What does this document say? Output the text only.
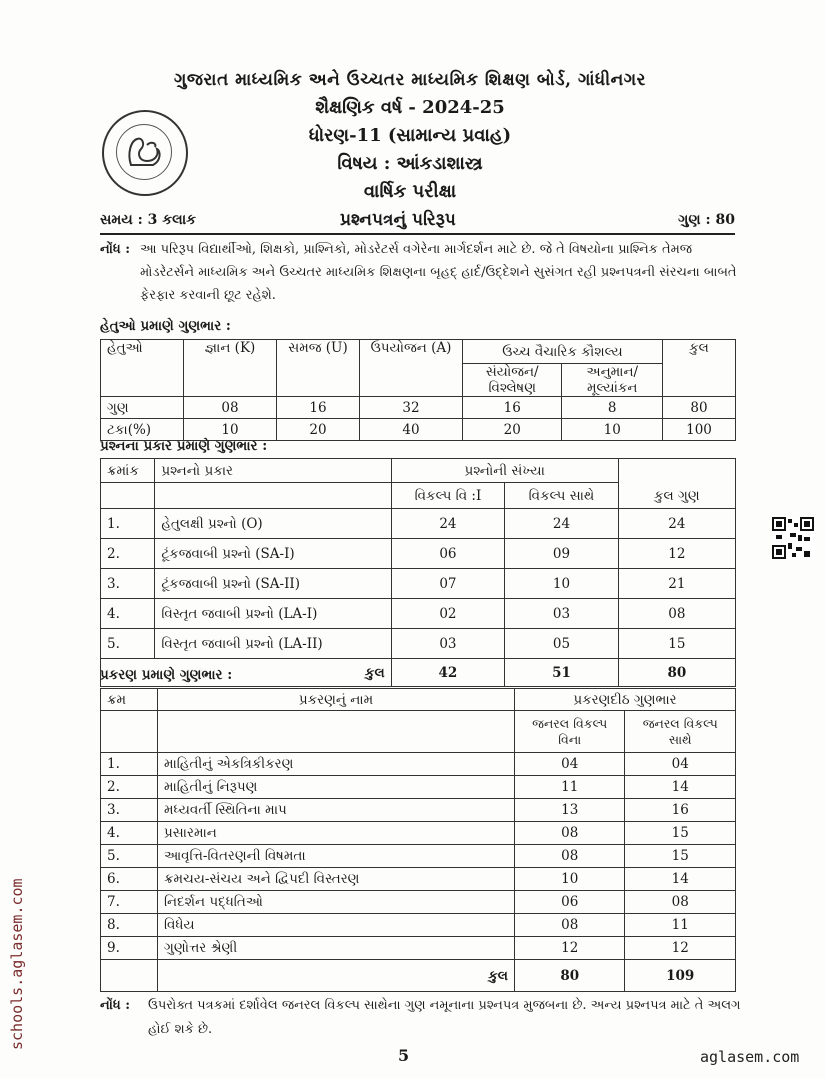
ગુજરાત માધ્યમિક અને ઉચ્ચતર માધ્યમિક શિક્ષણ બોર્ડ, ગાંધીનગર
શૈક્ષણિક વર્ષ - 2024-25
ધોરણ-11 (સામાન્ય પ્રવાહ)
વિષય : આંકડાશાસ્ત્ર
વાર્ષિક પરીક્ષા
સમય : 3 કલાક	પ્રશ્નપત્રનું પરિરૂપ	ગુણ : 80
નોંધ : આ પરિરૂપ વિદ્યાર્થીઓ, શિક્ષકો, પ્રાશ્નિકો, મોડરેટર્સ વગેરેના માર્ગદર્શન માટે છે. જે તે વિષયોના પ્રાશ્નિક તેમજ મોડરેટર્સને માધ્યમિક અને ઉચ્ચતર માધ્યમિક શિક્ષણના બૃહદ્ હાર્દ/ઉદ્દેશને સુસંગત રહી પ્રશ્નપત્રની સંરચના બાબતે ફેરફાર કરવાની છૂટ રહેશે.
હેતુઓ પ્રમાણે ગુણભાર :
હેતુઓ	જ્ઞાન (K)	સમજ (U)	ઉપયોજન (A)	ઉચ્ચ વૈચારિક કૌશલ્ય		કુલ
				સંયોજન/વિશ્લેષણ	અનુમાન/મૂલ્યાંકન	
ગુણ	08	16	32	16	8	80
ટકા(%)	10	20	40	20	10	100
પ્રશ્નના પ્રકાર પ્રમાણે ગુણભાર :
ક્રમાંક	પ્રશ્નનો પ્રકાર	પ્રશ્નોની સંખ્યા		કુલ ગુણ
		વિકલ્પ વિ :I	વિકલ્પ સાથે	
1.	હેતુલક્ષી પ્રશ્નો (O)	24	24	24
2.	ટૂંકજવાબી પ્રશ્નો (SA-I)	06	09	12
3.	ટૂંકજવાબી પ્રશ્નો (SA-II)	07	10	21
4.	વિસ્તૃત જવાબી પ્રશ્નો (LA-I)	02	03	08
5.	વિસ્તૃત જવાબી પ્રશ્નો (LA-II)	03	05	15
કુલ		42	51	80
પ્રકરણ પ્રમાણે ગુણભાર :
ક્રમ	પ્રકરણનું નામ	પ્રકરણદીઠ ગુણભાર	
		જનરલ વિકલ્પ વિના	જનરલ વિકલ્પ સાથે
1.	માહિતીનું એકત્રિકીકરણ	04	04
2.	માહિતીનું નિરૂપણ	11	14
3.	મધ્યવર્તી સ્થિતિના માપ	13	16
4.	પ્રસારમાન	08	15
5.	આવૃત્તિ-વિતરણની વિષમતા	08	15
6.	ક્રમચય-સંચય અને દ્વિપદી વિસ્તરણ	10	14
7.	નિદર્શન પદ્ધતિઓ	06	08
8.	વિધેય	08	11
9.	ગુણોત્તર શ્રેણી	12	12
	કુલ	80	109
નોંધ : ઉપરોક્ત પત્રકમાં દર્શાવેલ જનરલ વિકલ્પ સાથેના ગુણ નમૂનાના પ્રશ્નપત્ર મુજબના છે. અન્ય પ્રશ્નપત્ર માટે તે અલગ હોઈ શકે છે.
5	aglasem.com
schools.aglasem.com
